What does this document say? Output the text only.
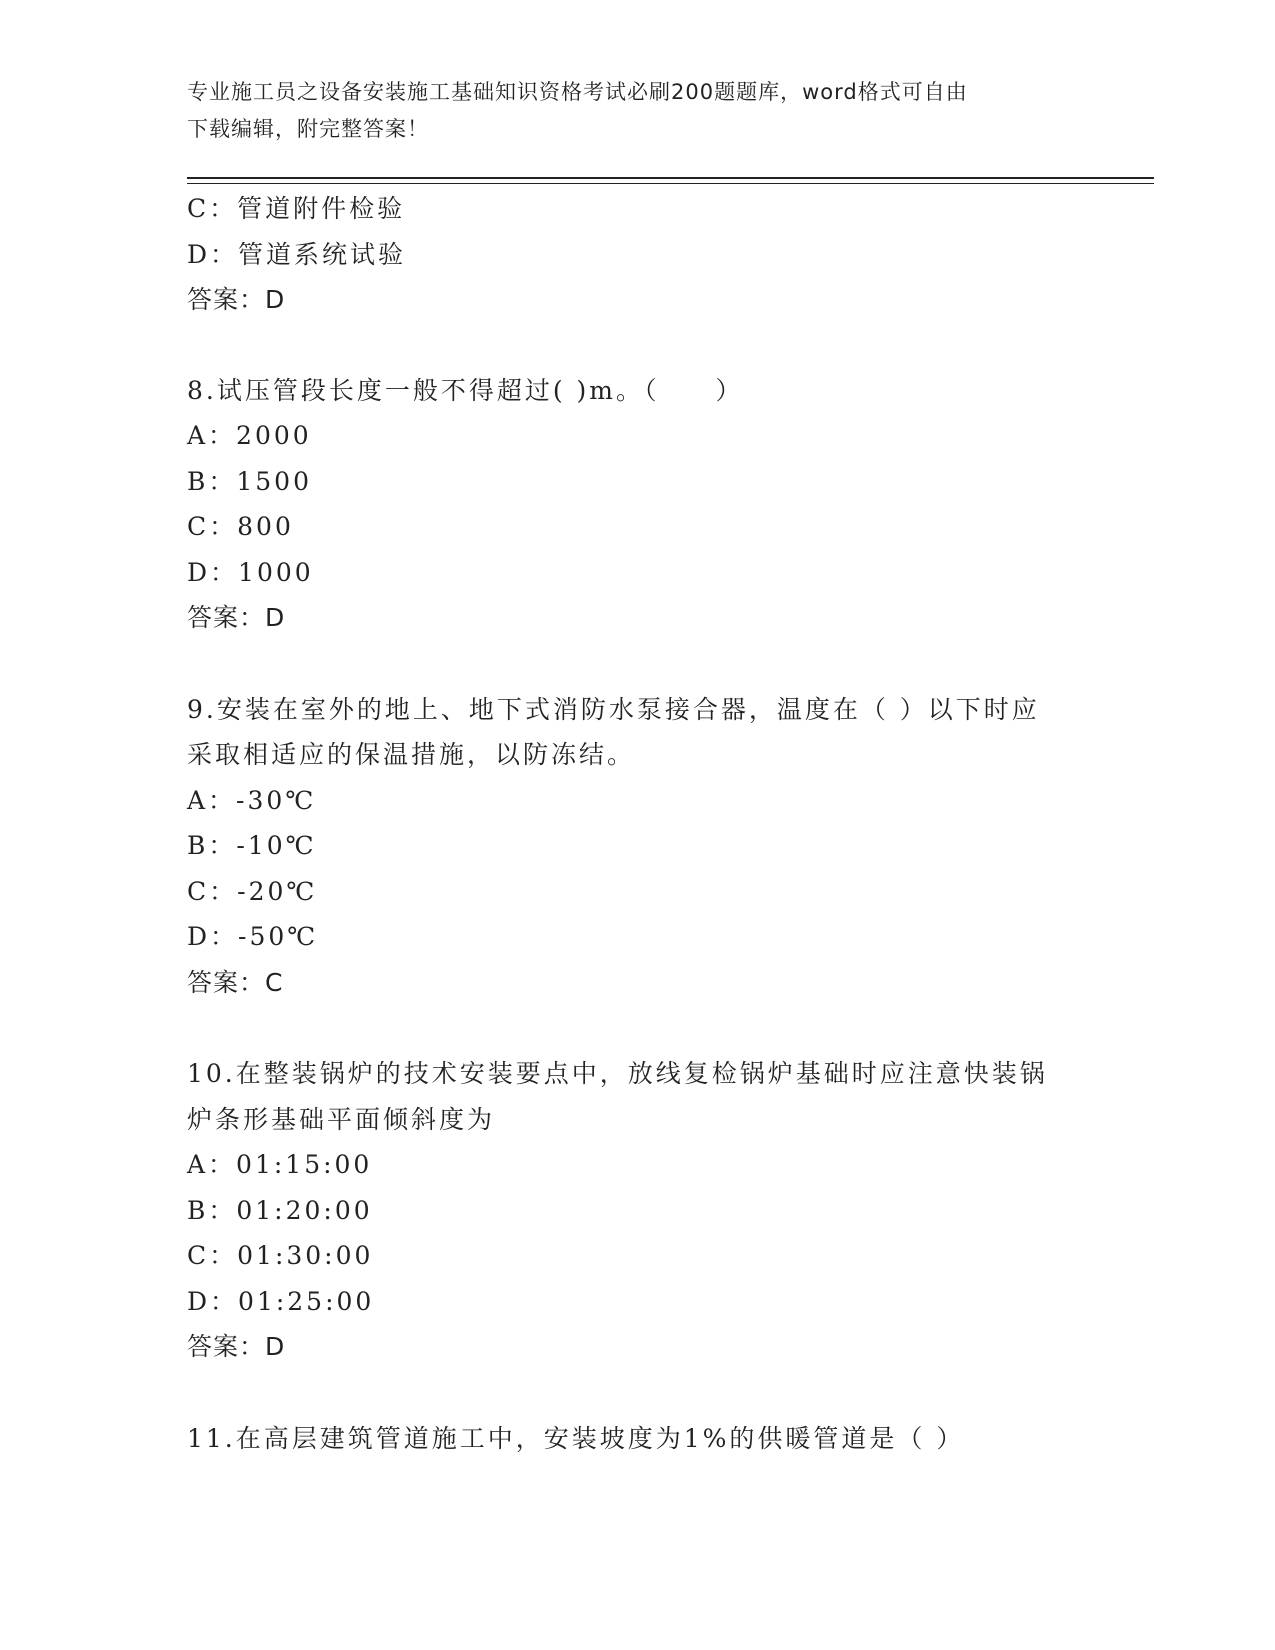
专业施工员之设备安装施工基础知识资格考试必刷200题题库，word格式可自由
下载编辑，附完整答案！
C：管道附件检验
D：管道系统试验
答案：D
8.试压管段长度一般不得超过( )m。（　　）
A：2000
B：1500
C：800
D：1000
答案：D
9.安装在室外的地上、地下式消防水泵接合器，温度在（ ）以下时应
采取相适应的保温措施，以防冻结。
A：-30℃
B：-10℃
C：-20℃
D：-50℃
答案：C
10.在整装锅炉的技术安装要点中，放线复检锅炉基础时应注意快装锅
炉条形基础平面倾斜度为
A：01:15:00
B：01:20:00
C：01:30:00
D：01:25:00
答案：D
11.在高层建筑管道施工中，安装坡度为1%的供暖管道是（ ）
